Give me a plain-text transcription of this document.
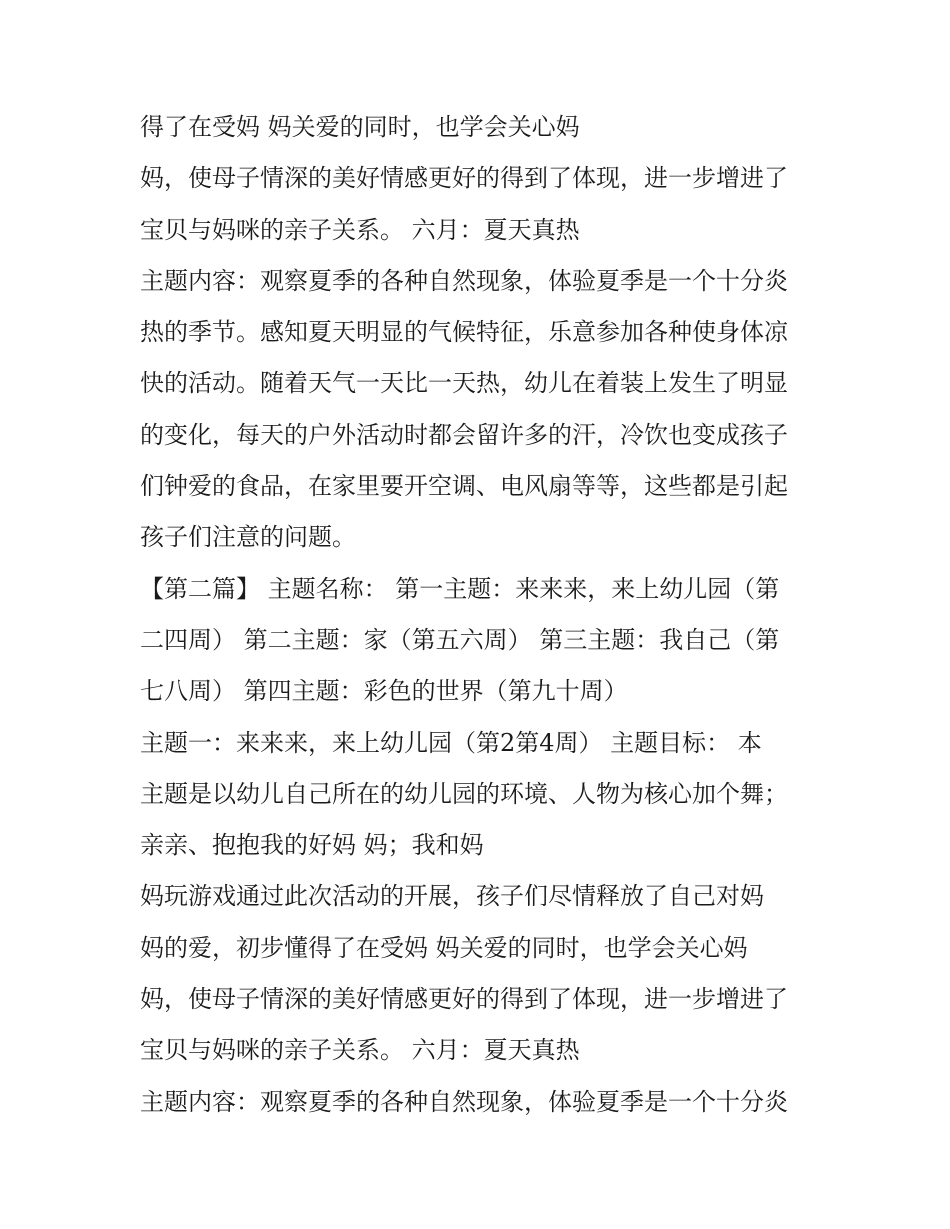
得了在受妈 妈关爱的同时，也学会关心妈
妈，使母子情深的美好情感更好的得到了体现，进一步增进了
宝贝与妈咪的亲子关系。 六月：夏天真热
主题内容：观察夏季的各种自然现象，体验夏季是一个十分炎
热的季节。感知夏天明显的气候特征，乐意参加各种使身体凉
快的活动。随着天气一天比一天热，幼儿在着装上发生了明显
的变化，每天的户外活动时都会留许多的汗，冷饮也变成孩子
们钟爱的食品，在家里要开空调、电风扇等等，这些都是引起
孩子们注意的问题。
【第二篇】 主题名称： 第一主题：来来来，来上幼儿园（第
二四周） 第二主题：家（第五六周） 第三主题：我自己（第
七八周） 第四主题：彩色的世界（第九十周）
主题一：来来来，来上幼儿园（第2第4周） 主题目标： 本
主题是以幼儿自己所在的幼儿园的环境、人物为核心加个舞；
亲亲、抱抱我的好妈 妈；我和妈
妈玩游戏通过此次活动的开展，孩子们尽情释放了自己对妈
妈的爱，初步懂得了在受妈 妈关爱的同时，也学会关心妈
妈，使母子情深的美好情感更好的得到了体现，进一步增进了
宝贝与妈咪的亲子关系。 六月：夏天真热
主题内容：观察夏季的各种自然现象，体验夏季是一个十分炎
